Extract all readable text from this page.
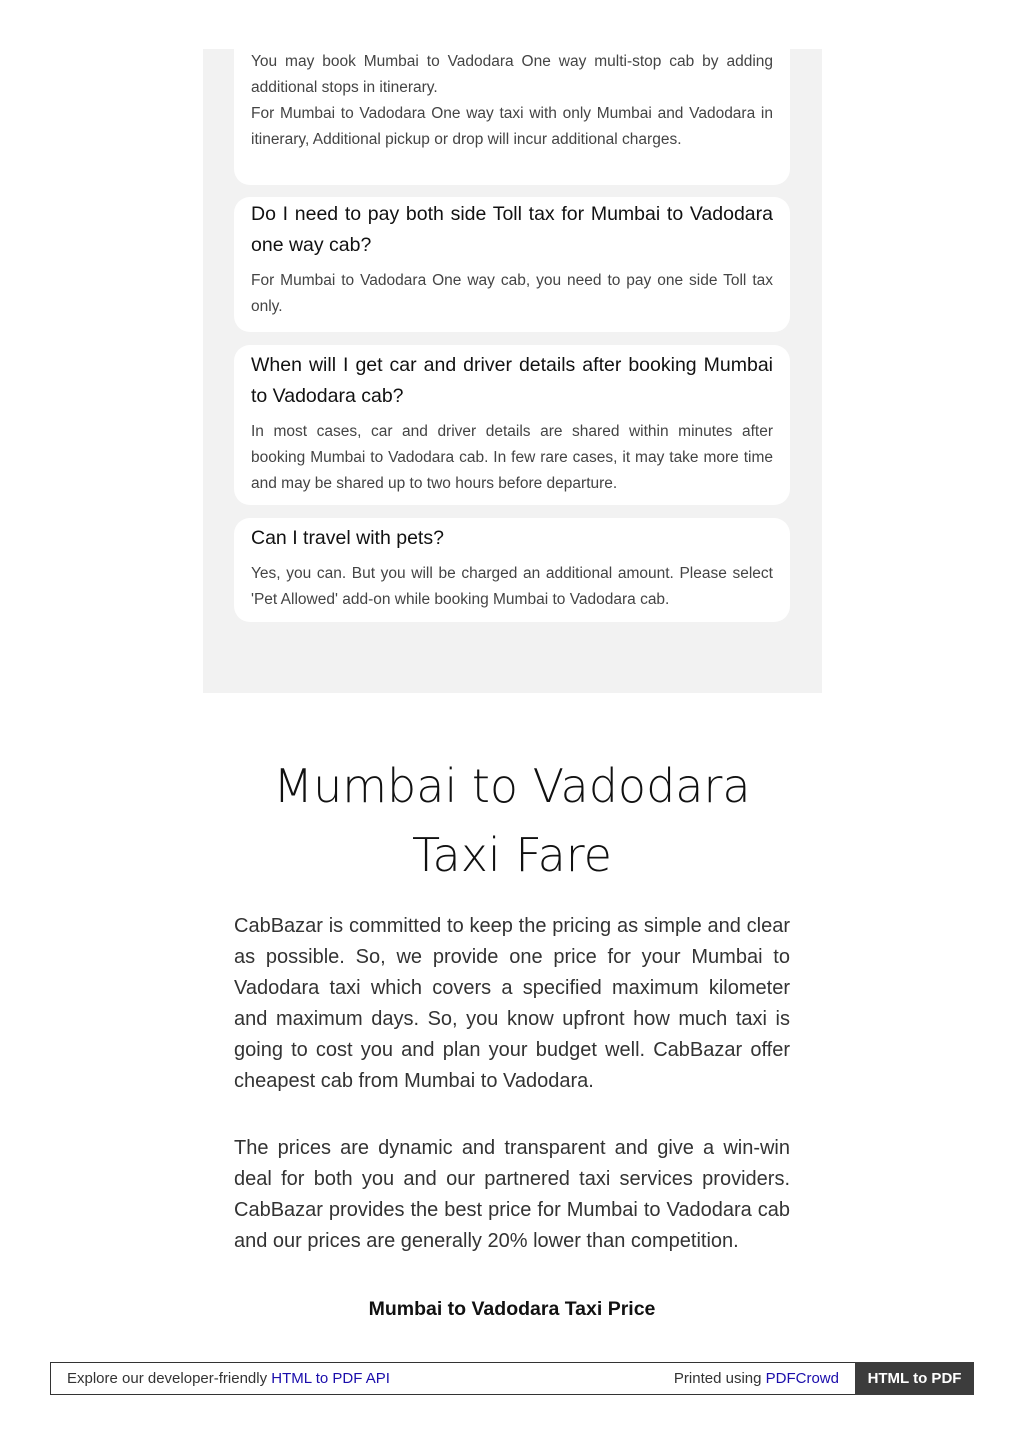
You may book Mumbai to Vadodara One way multi-stop cab by adding additional stops in itinerary.

For Mumbai to Vadodara One way taxi with only Mumbai and Vadodara in itinerary, Additional pickup or drop will incur additional charges.

Do I need to pay both side Toll tax for Mumbai to Vadodara one way cab?

For Mumbai to Vadodara One way cab, you need to pay one side Toll tax only.

When will I get car and driver details after booking Mumbai to Vadodara cab?

In most cases, car and driver details are shared within minutes after booking Mumbai to Vadodara cab. In few rare cases, it may take more time and may be shared up to two hours before departure.

Can I travel with pets?

Yes, you can. But you will be charged an additional amount. Please select 'Pet Allowed' add-on while booking Mumbai to Vadodara cab.

Mumbai to Vadodara Taxi Fare

CabBazar is committed to keep the pricing as simple and clear as possible. So, we provide one price for your Mumbai to Vadodara taxi which covers a specified maximum kilometer and maximum days. So, you know upfront how much taxi is going to cost you and plan your budget well. CabBazar offer cheapest cab from Mumbai to Vadodara.

The prices are dynamic and transparent and give a win-win deal for both you and our partnered taxi services providers. CabBazar provides the best price for Mumbai to Vadodara cab and our prices are generally 20% lower than competition.

Mumbai to Vadodara Taxi Price
Explore our developer-friendly HTML to PDF API	Printed using PDFCrowd	HTML to PDF
